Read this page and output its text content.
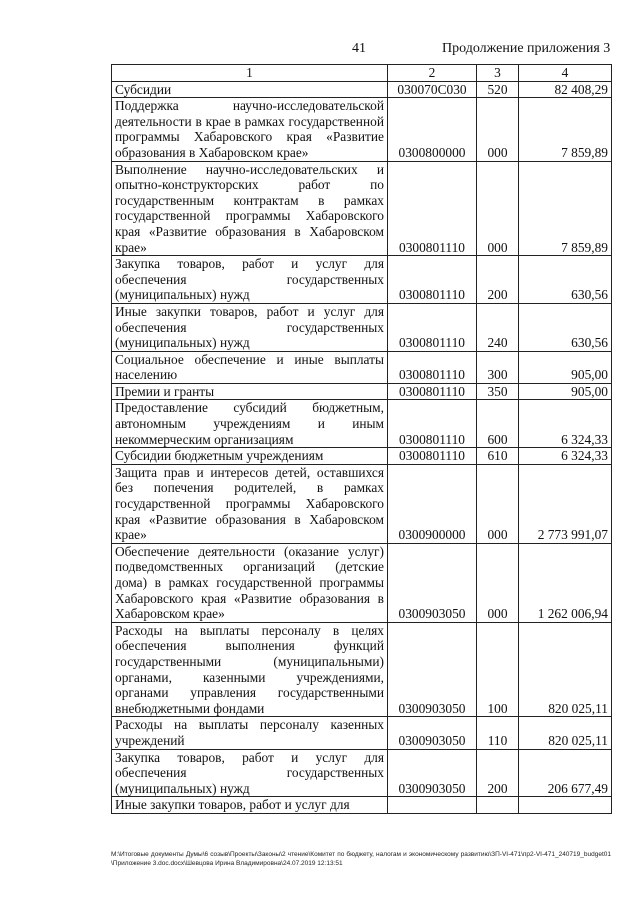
41	Продолжение приложения 3
1	2	3	4
Субсидии	030070С030	520	82 408,29
Поддержка научно-исследовательской деятельности в крае в рамках государственной программы Хабаровского края «Развитие образования в Хабаровском крае»	0300800000	000	7 859,89
Выполнение научно-исследовательских и опытно-конструкторских работ по государственным контрактам в рамках государственной программы Хабаровского края «Развитие образования в Хабаровском крае»	0300801110	000	7 859,89
Закупка товаров, работ и услуг для обеспечения государственных (муниципальных) нужд	0300801110	200	630,56
Иные закупки товаров, работ и услуг для обеспечения государственных (муниципальных) нужд	0300801110	240	630,56
Социальное обеспечение и иные выплаты населению	0300801110	300	905,00
Премии и гранты	0300801110	350	905,00
Предоставление субсидий бюджетным, автономным учреждениям и иным некоммерческим организациям	0300801110	600	6 324,33
Субсидии бюджетным учреждениям	0300801110	610	6 324,33
Защита прав и интересов детей, оставшихся без попечения родителей, в рамках государственной программы Хабаровского края «Развитие образования в Хабаровском крае»	0300900000	000	2 773 991,07
Обеспечение деятельности (оказание услуг) подведомственных организаций (детские дома) в рамках государственной программы Хабаровского края «Развитие образования в Хабаровском крае»	0300903050	000	1 262 006,94
Расходы на выплаты персоналу в целях обеспечения выполнения функций государственными (муниципальными) органами, казенными учреждениями, органами управления государственными внебюджетными фондами	0300903050	100	820 025,11
Расходы на выплаты персоналу казенных учреждений	0300903050	110	820 025,11
Закупка товаров, работ и услуг для обеспечения государственных (муниципальных) нужд	0300903050	200	206 677,49
Иные закупки товаров, работ и услуг для			
M:\Итоговые документы Думы\6 созыв\Проекты\Законы\2 чтение\Комитет по бюджету, налогам и экономическому развитию\ЗП-VI-471\пр2-VI-471_240719_budget01\Приложение 3.doc.docx\Шевцова Ирина Владимировна\24.07.2019 12:13:51
